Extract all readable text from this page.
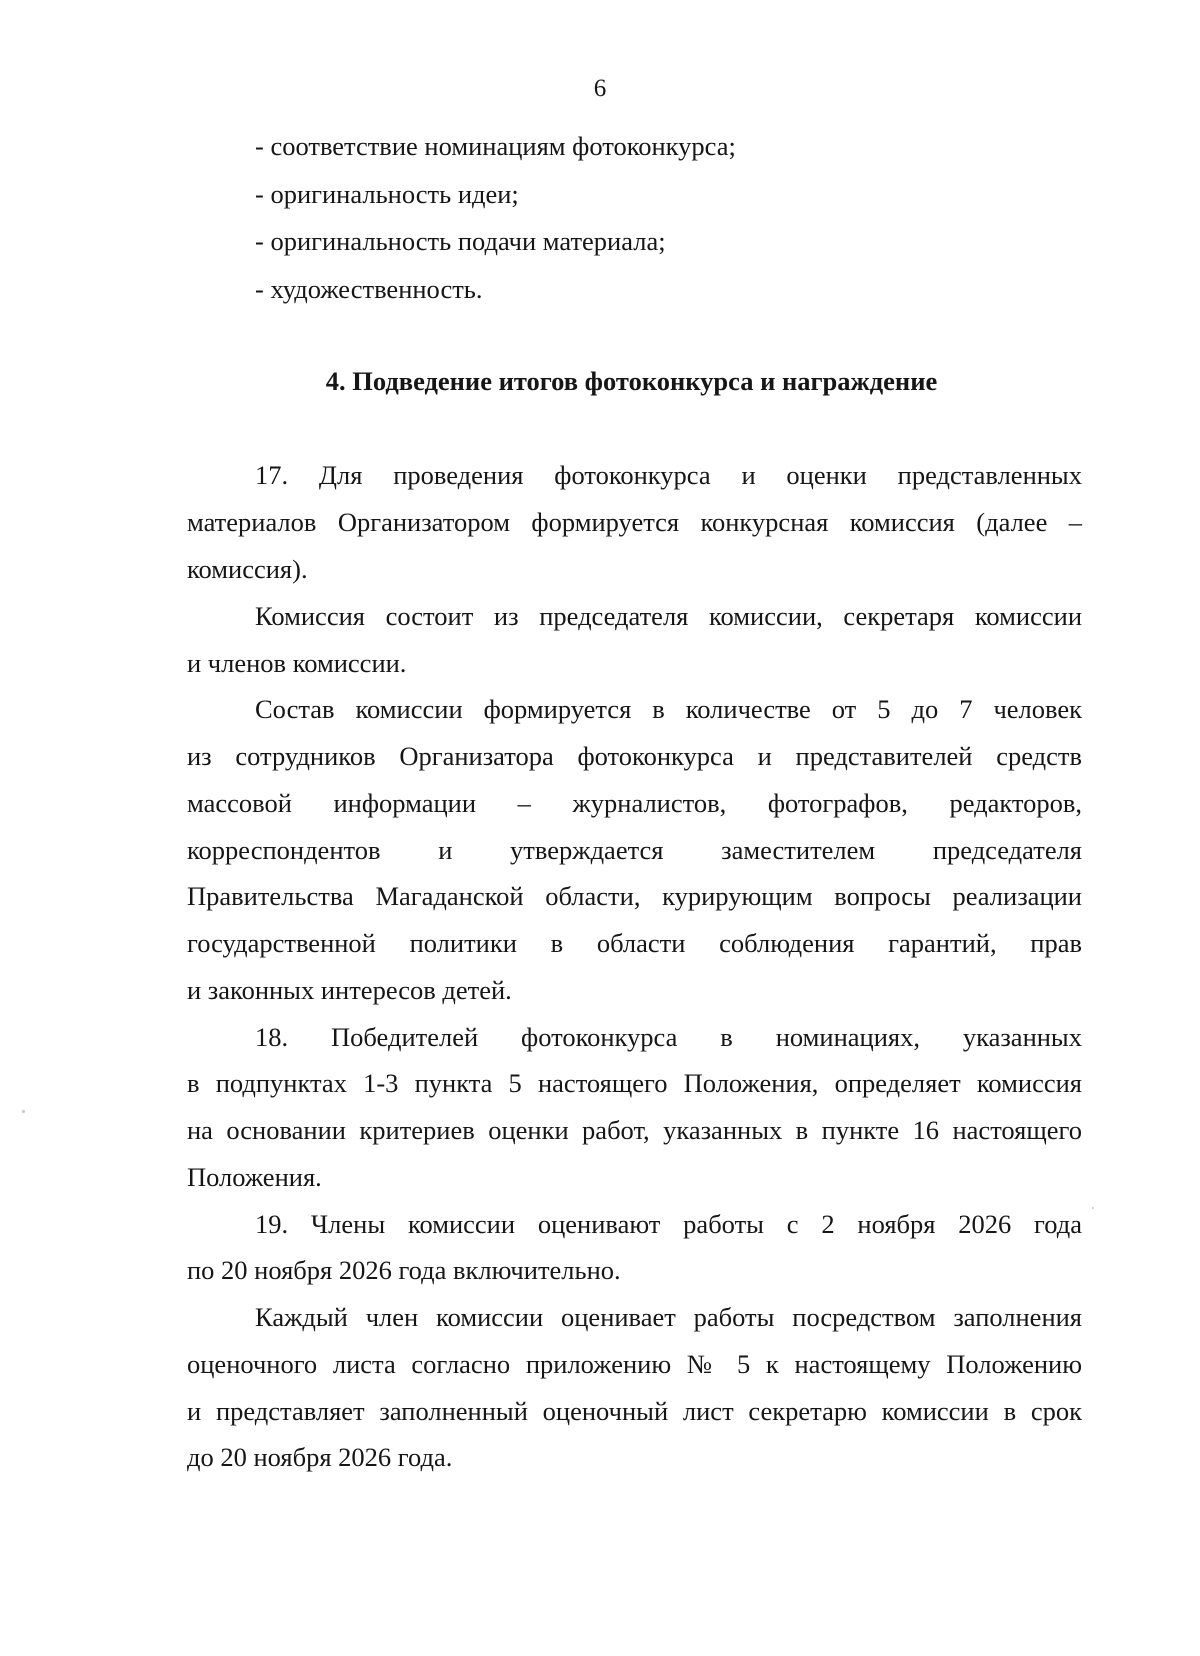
6
- соответствие номинациям фотоконкурса;
- оригинальность идеи;
- оригинальность подачи материала;
- художественность.
4. Подведение итогов фотоконкурса и награждение
17. Для проведения фотоконкурса и оценки представленных
материалов Организатором формируется конкурсная комиссия (далее –
комиссия).
Комиссия состоит из председателя комиссии, секретаря комиссии
и членов комиссии.
Состав комиссии формируется в количестве от 5 до 7 человек
из сотрудников Организатора фотоконкурса и представителей средств
массовой информации – журналистов, фотографов, редакторов,
корреспондентов и утверждается заместителем председателя
Правительства Магаданской области, курирующим вопросы реализации
государственной политики в области соблюдения гарантий, прав
и законных интересов детей.
18. Победителей фотоконкурса в номинациях, указанных
в подпунктах 1-3 пункта 5 настоящего Положения, определяет комиссия
на основании критериев оценки работ, указанных в пункте 16 настоящего
Положения.
19. Члены комиссии оценивают работы с 2 ноября 2026 года
по 20 ноября 2026 года включительно.
Каждый член комиссии оценивает работы посредством заполнения
оценочного листа согласно приложению № 5 к настоящему Положению
и представляет заполненный оценочный лист секретарю комиссии в срок
до 20 ноября 2026 года.
